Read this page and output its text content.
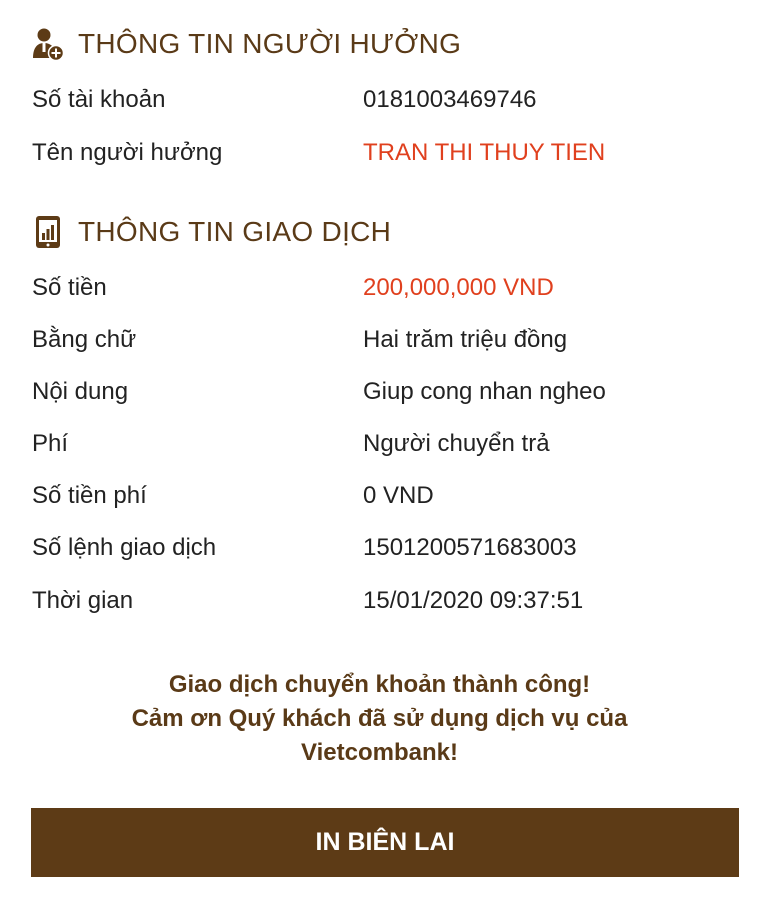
THÔNG TIN NGƯỜI HƯỞNG
Số tài khoản	0181003469746
Tên người hưởng	TRAN THI THUY TIEN
THÔNG TIN GIAO DỊCH
Số tiền	200,000,000 VND
Bằng chữ	Hai trăm triệu đồng
Nội dung	Giup cong nhan ngheo
Phí	Người chuyển trả
Số tiền phí	0 VND
Số lệnh giao dịch	1501200571683003
Thời gian	15/01/2020 09:37:51
Giao dịch chuyển khoản thành công!
Cảm ơn Quý khách đã sử dụng dịch vụ của
Vietcombank!
IN BIÊN LAI
